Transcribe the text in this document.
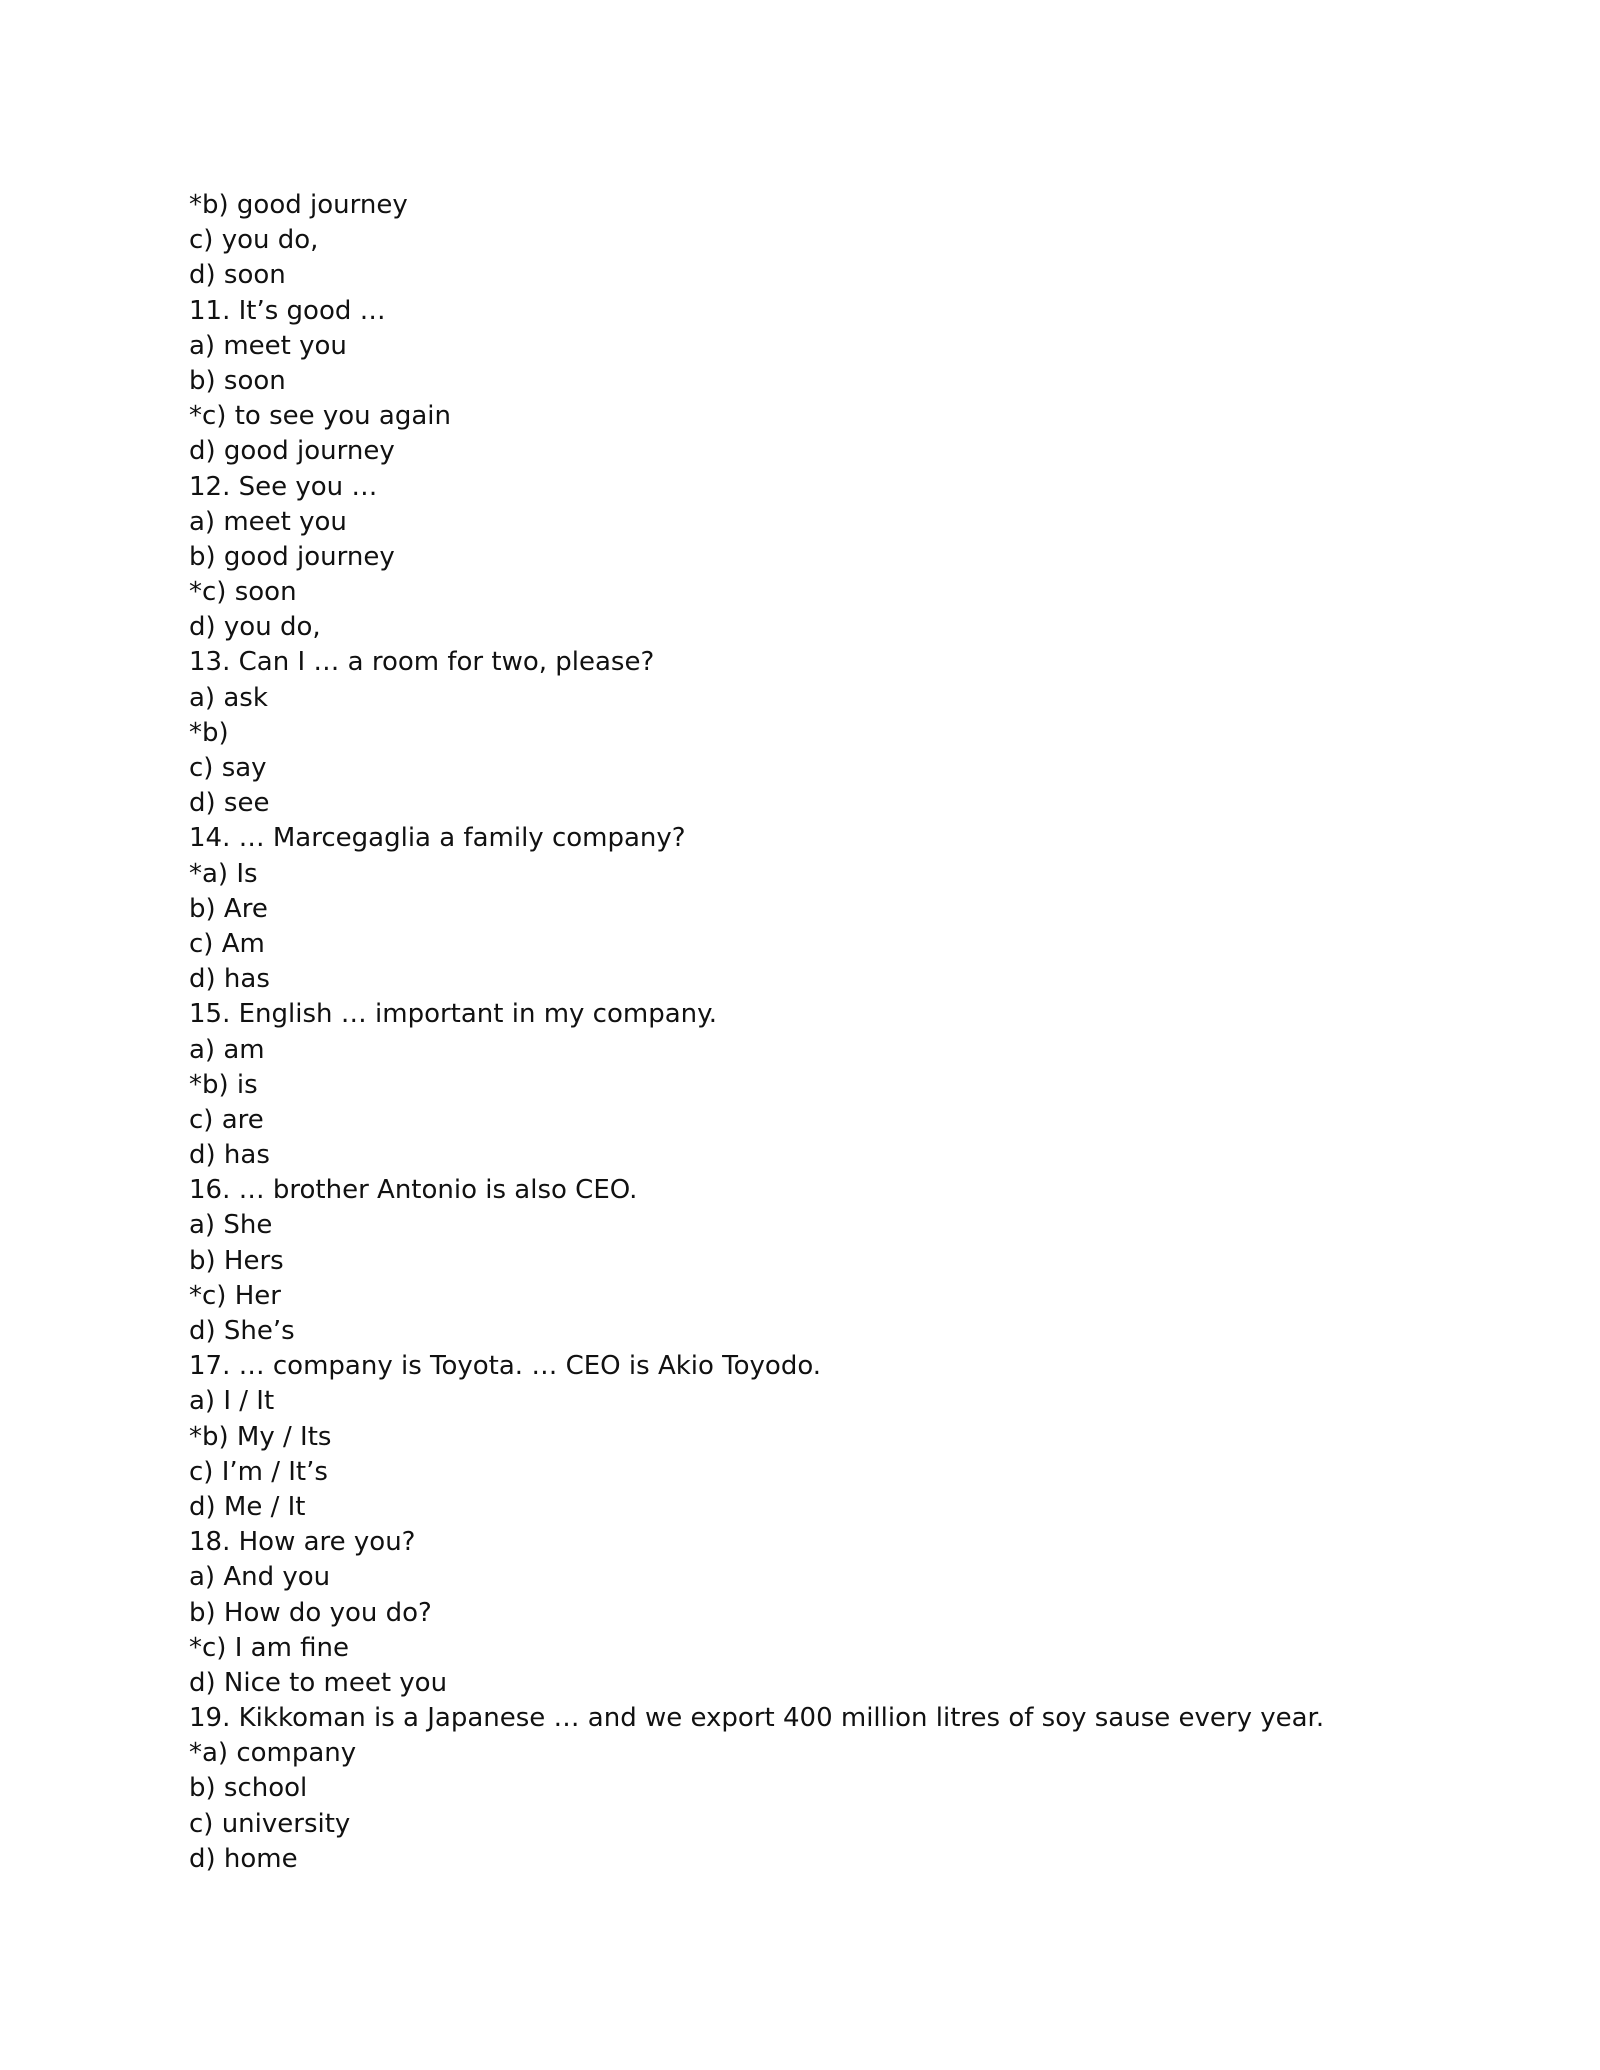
*b) good journey
c) you do,
d) soon
11. It’s good …
a) meet you
b) soon
*c) to see you again
d) good journey
12. See you …
a) meet you
b) good journey
*c) soon
d) you do,
13. Can I … a room for two, please?
a) ask
*b)
c) say
d) see
14. … Marcegaglia a family company?
*a) Is
b) Are
c) Am
d) has
15. English … important in my company.
a) am
*b) is
c) are
d) has
16. … brother Antonio is also CEO.
a) She
b) Hers
*c) Her
d) She’s
17. … company is Toyota. … CEO is Akio Toyodo.
a) I / It
*b) My / Its
c) I’m / It’s
d) Me / It
18. How are you?
a) And you
b) How do you do?
*c) I am fine
d) Nice to meet you
19. Kikkoman is a Japanese … and we export 400 million litres of soy sause every year.
*a) company
b) school
c) university
d) home
